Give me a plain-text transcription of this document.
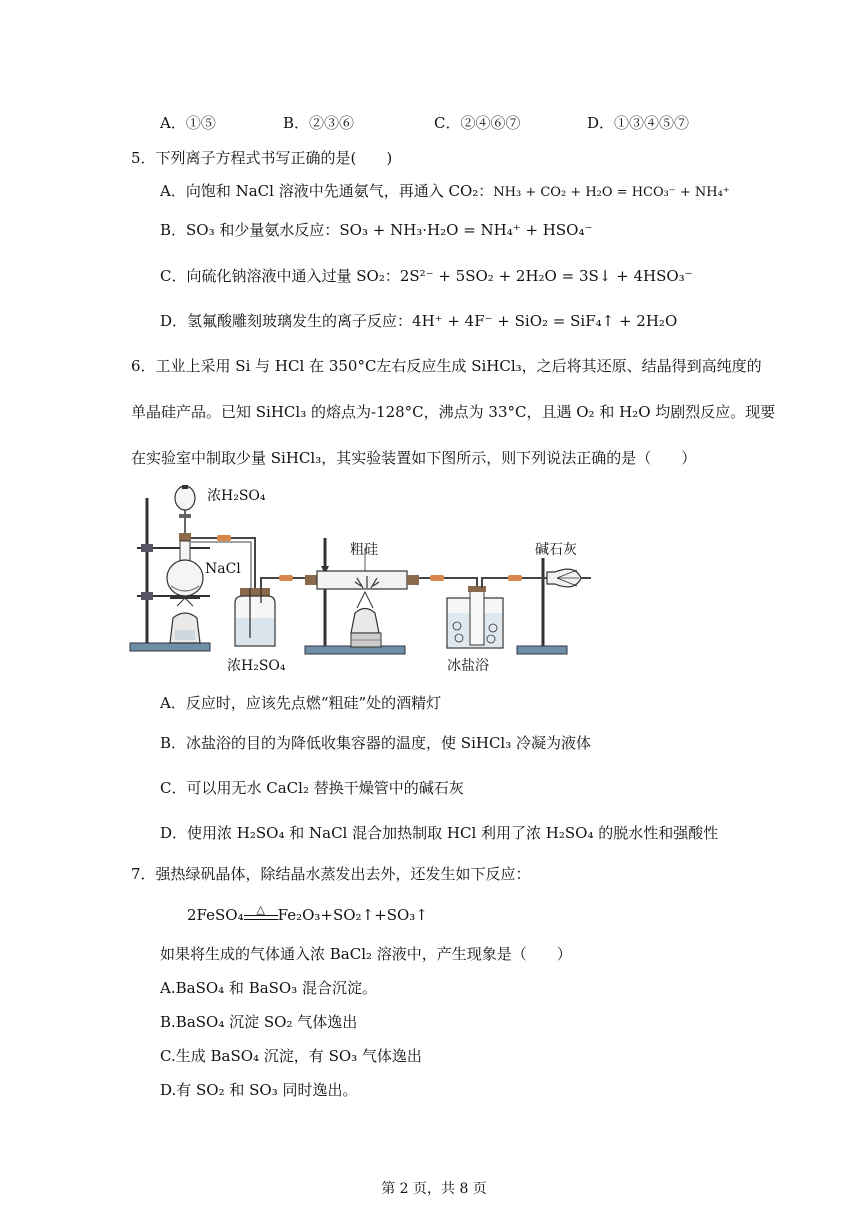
A．①⑤	B．②③⑥	C．②④⑥⑦	D．①③④⑤⑦
5．下列离子方程式书写正确的是(　　)
A．向饱和 NaCl 溶液中先通氨气，再通入 CO₂：NH₃ + CO₂ + H₂O = HCO₃⁻ + NH₄⁺
B．SO₃ 和少量氨水反应：SO₃ + NH₃·H₂O = NH₄⁺ + HSO₄⁻
C．向硫化钠溶液中通入过量 SO₂：2S²⁻ + 5SO₂ + 2H₂O = 3S↓ + 4HSO₃⁻
D．氢氟酸雕刻玻璃发生的离子反应：4H⁺ + 4F⁻ + SiO₂ = SiF₄↑ + 2H₂O
6．工业上采用 Si 与 HCl 在 350°C左右反应生成 SiHCl₃，之后将其还原、结晶得到高纯度的
单晶硅产品。已知 SiHCl₃ 的熔点为-128°C，沸点为 33°C，且遇 O₂ 和 H₂O 均剧烈反应。现要
在实验室中制取少量 SiHCl₃，其实验装置如下图所示，则下列说法正确的是（　　）
浓H₂SO₄
NaCl
浓H₂SO₄
粗硅
冰盐浴
碱石灰
A．反应时，应该先点燃“粗硅”处的酒精灯
B．冰盐浴的目的为降低收集容器的温度，使 SiHCl₃ 冷凝为液体
C．可以用无水 CaCl₂ 替换干燥管中的碱石灰
D．使用浓 H₂SO₄ 和 NaCl 混合加热制取 HCl 利用了浓 H₂SO₄ 的脱水性和强酸性
7．强热绿矾晶体，除结晶水蒸发出去外，还发生如下反应：
2FeSO₄	△ Fe₂O₃+SO₂↑+SO₃↑
如果将生成的气体通入浓 BaCl₂ 溶液中，产生现象是（　　）
A.BaSO₄ 和 BaSO₃ 混合沉淀。
B.BaSO₄ 沉淀 SO₂ 气体逸出
C.生成 BaSO₄ 沉淀，有 SO₃ 气体逸出
D.有 SO₂ 和 SO₃ 同时逸出。
第 2 页，共 8 页
